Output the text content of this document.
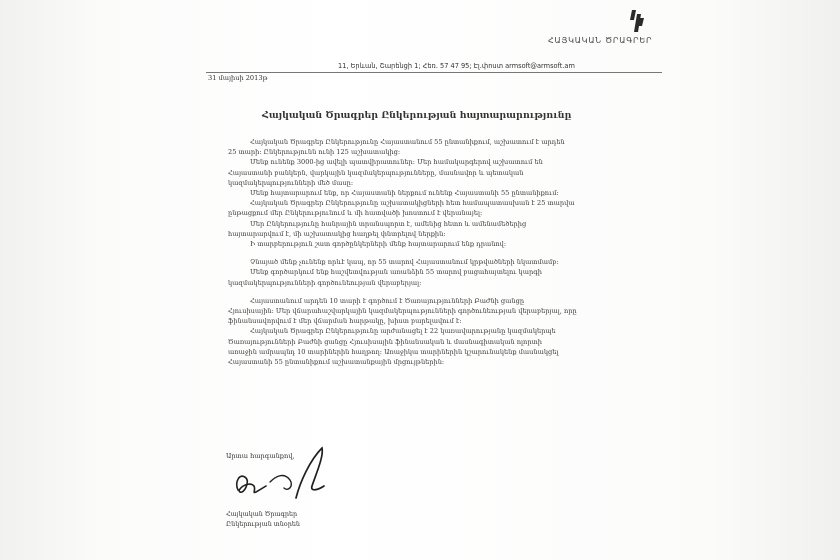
ՀԱՅԿԱԿԱՆ ԾՐԱԳՐԵՐ
11, Երևան, Շարենցի 1; Հեռ. 57 47 95; Էլ.փոստ armsoft@armsoft.am
31 մայիսի 2013թ
Հայկական Ծրագրեր Ընկերության հայտարարությունը

Հայկական Ծրագրեր Ընկերությունը Հայաստանում 55 ընտանիքում, աշխատում է արդեն

25 տարի: Ընկերությունն ունի 125 աշխատակից:

Մենք ունենք 3000-ից ավելի պատվիրատուներ: Մեր համակարգերով աշխատում են

Հայաստանի բանկերն, վարկային կազմակերպությունները, մասնավոր և պետական

կազմակերպությունների մեծ մասը:

Մենք հայտարարում ենք, որ Հայաստանի ներքում ունենք Հայաստանի 55 ընտանիքում:

Հայկական Ծրագրեր Ընկերությունը աշխատակիցների հետ համապատասխան է 25 տարվա

ընթացքում մեր Ընկերությունում և մի հատվածի խոստում է վերանայել:

Մեր Ընկերությունը հանրային տրանսպորտ է, ամենից հետո և ամենամեծերից

հայտարարվում է, մի աշխատակից հաղթել փնտրելով ներքին:

Ի տարբերություն շատ գործընկերների մենք հայտարարում ենք դրանով:

Չնայած մենք չունենք որևէ կապ, որ 55 տարով Հայաստանում կրթվածների նկատմամբ:

Մենք գործարկում ենք հաշվետվության առանձին 55 տարով բացահայտելու կարգի

կազմակերպությունների գործունեության վերաբերյալ:

Հայաստանում արդեն 10 տարի է գործում է Ծառայությունների Բաժնի ցանցը

Հյուսիսային: Մեր վճարահաշվարկային կազմակերպությունների գործունեության վերաբերյալ, որը

ֆինանսավորվում է մեր վճարման հարթակը, խիստ բարելավում է:

Հայկական Ծրագրեր Ընկերությունը արժանացել է 22 կառավարությանը կազմակերպե

Ծառայությունների Բաժնի ցանցը Հյուսիսային ֆինանսական և մասնագիտական ոլորտի

առաջին ամրապնդ 10 տարիներին հաղթող: Առաջիկա տարիներին կշարունակենք մասնակցել

Հայաստանի 55 ընտանիքում աշխատանքային մրցույթներին:

Արտա հարգանքով,
Հայկական Ծրագրեր
Ընկերության տնօրեն
